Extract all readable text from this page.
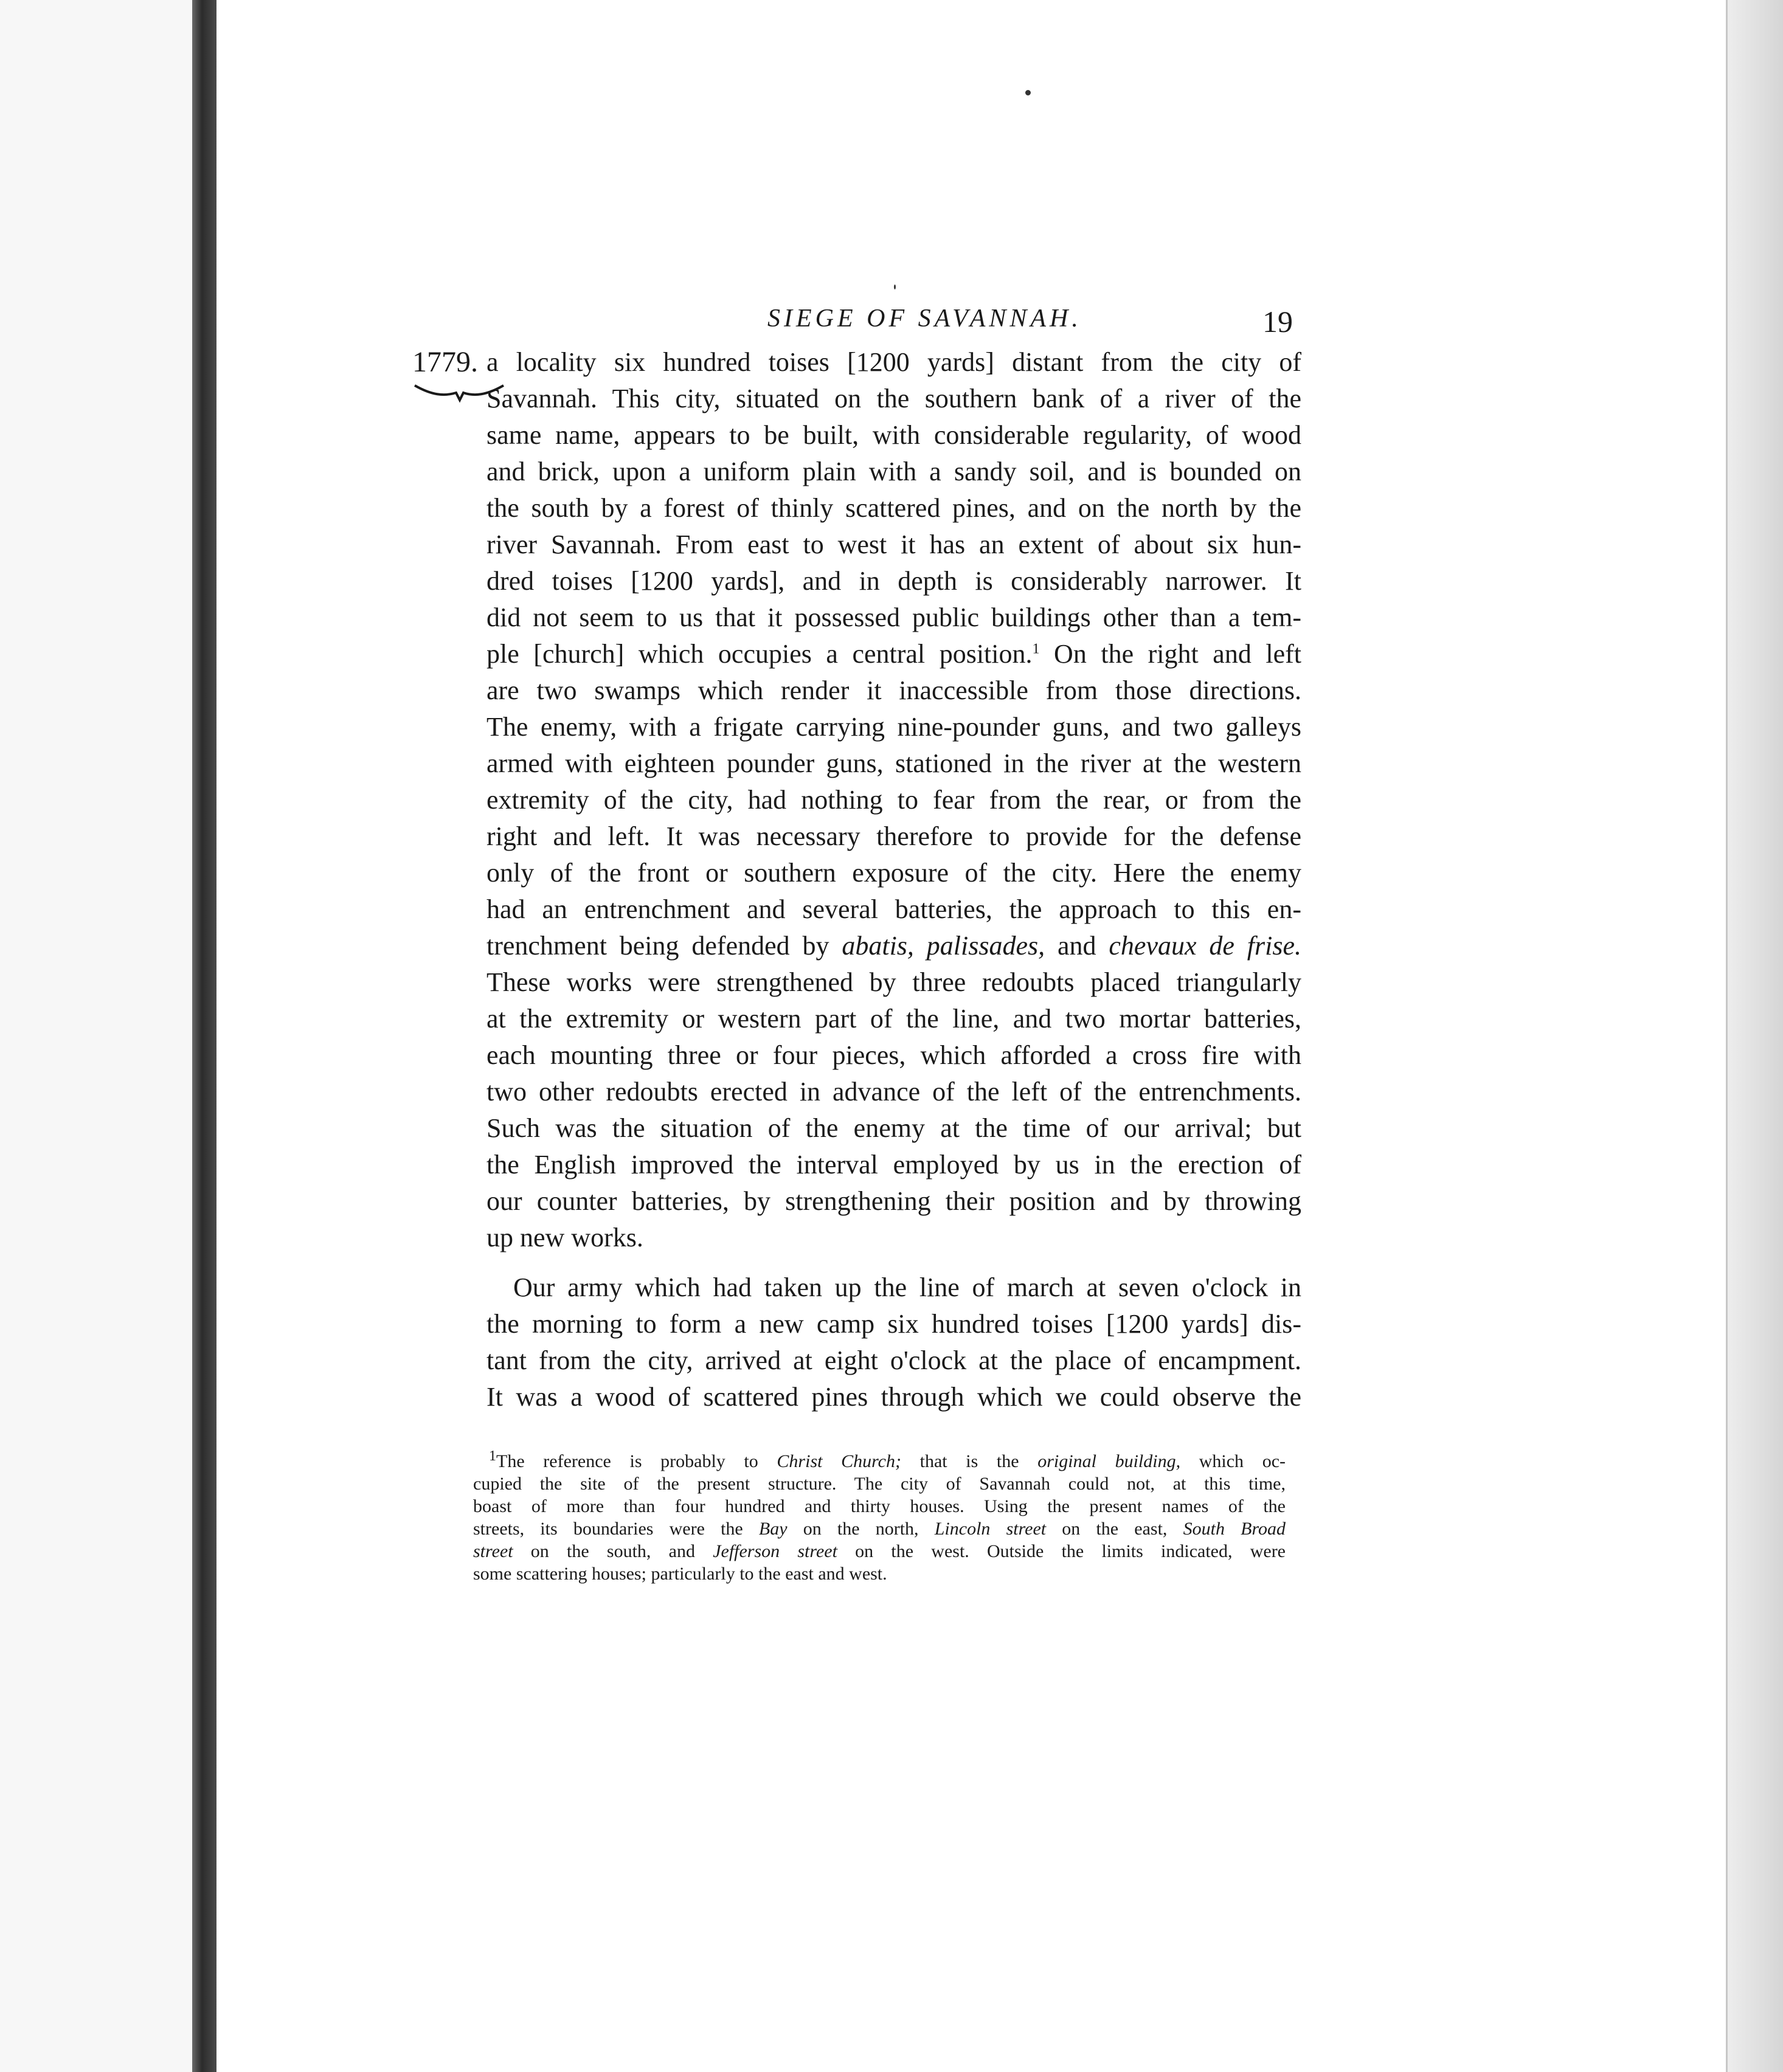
SIEGE OF SAVANNAH.	19
1779. a locality six hundred toises [1200 yards] distant from the city of
Savannah. This city, situated on the southern bank of a river of the
same name, appears to be built, with considerable regularity, of wood
and brick, upon a uniform plain with a sandy soil, and is bounded on
the south by a forest of thinly scattered pines, and on the north by the
river Savannah. From east to west it has an extent of about six hun-
dred toises [1200 yards], and in depth is considerably narrower. It
did not seem to us that it possessed public buildings other than a tem-
ple [church] which occupies a central position.$^1$ On the right and left
are two swamps which render it inaccessible from those directions.
The enemy, with a frigate carrying nine-pounder guns, and two galleys
armed with eighteen pounder guns, stationed in the river at the western
extremity of the city, had nothing to fear from the rear, or from the
right and left. It was necessary therefore to provide for the defense
only of the front or southern exposure of the city. Here the enemy
had an entrenchment and several batteries, the approach to this en-
trenchment being defended by abatis, palissades, and chevaux de frise.
These works were strengthened by three redoubts placed triangularly
at the extremity or western part of the line, and two mortar batteries,
each mounting three or four pieces, which afforded a cross fire with
two other redoubts erected in advance of the left of the entrenchments.
Such was the situation of the enemy at the time of our arrival; but
the English improved the interval employed by us in the erection of
our counter batteries, by strengthening their position and by throwing
up new works.

Our army which had taken up the line of march at seven o'clock in
the morning to form a new camp six hundred toises [1200 yards] dis-
tant from the city, arrived at eight o'clock at the place of encampment.
It was a wood of scattered pines through which we could observe the

$^1$The reference is probably to Christ Church; that is the original building, which oc-
cupied the site of the present structure. The city of Savannah could not, at this time,
boast of more than four hundred and thirty houses. Using the present names of the
streets, its boundaries were the Bay on the north, Lincoln street on the east, South Broad
street on the south, and Jefferson street on the west. Outside the limits indicated, were
some scattering houses; particularly to the east and west.
